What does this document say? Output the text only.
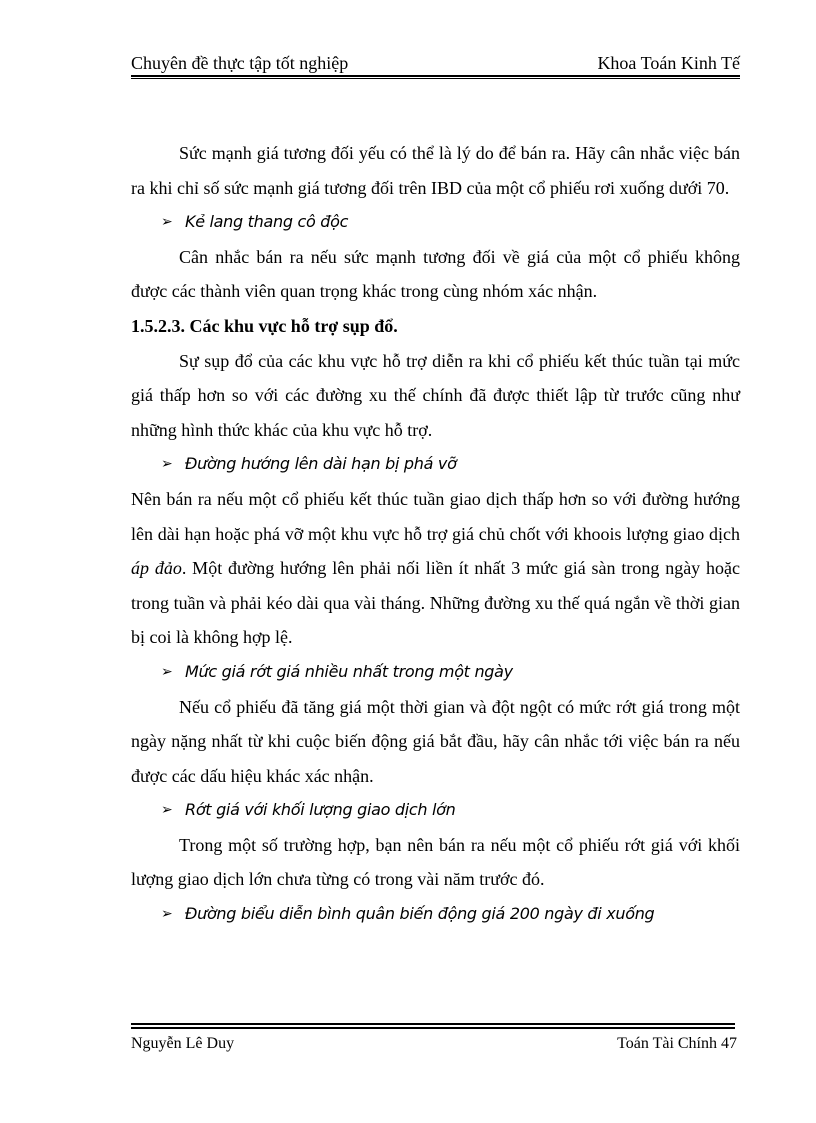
Chuyên đề thực tập tốt nghiệp	Khoa Toán Kinh Tế

Sức mạnh giá tương đối yếu có thể là lý do để bán ra. Hãy cân nhắc việc bán ra khi chỉ số sức mạnh giá tương đối trên IBD của một cổ phiếu rơi xuống dưới 70.

➢ Kẻ lang thang cô độc

Cân nhắc bán ra nếu sức mạnh tương đối về giá của một cổ phiếu không được các thành viên quan trọng khác trong cùng nhóm xác nhận.

1.5.2.3. Các khu vực hỗ trợ sụp đổ.

Sự sụp đổ của các khu vực hỗ trợ diễn ra khi cổ phiếu kết thúc tuần tại mức giá thấp hơn so với các đường xu thế chính đã được thiết lập từ trước cũng như những hình thức khác của khu vực hỗ trợ.

➢ Đường hướng lên dài hạn bị phá vỡ

Nên bán ra nếu một cổ phiếu kết thúc tuần giao dịch thấp hơn so với đường hướng lên dài hạn hoặc phá vỡ một khu vực hỗ trợ giá chủ chốt với khoois lượng giao dịch áp đảo. Một đường hướng lên phải nối liền ít nhất 3 mức giá sàn trong ngày hoặc trong tuần và phải kéo dài qua vài tháng. Những đường xu thế quá ngắn về thời gian bị coi là không hợp lệ.

➢ Mức giá rớt giá nhiều nhất trong một ngày

Nếu cổ phiếu đã tăng giá một thời gian và đột ngột có mức rớt giá trong một ngày nặng nhất từ khi cuộc biến động giá bắt đầu, hãy cân nhắc tới việc bán ra nếu được các dấu hiệu khác xác nhận.

➢ Rớt giá với khối lượng giao dịch lớn

Trong một số trường hợp, bạn nên bán ra nếu một cổ phiếu rớt giá với khối lượng giao dịch lớn chưa từng có trong vài năm trước đó.

➢ Đường biểu diễn bình quân biến động giá 200 ngày đi xuống

Nguyễn Lê Duy	Toán Tài Chính 47
